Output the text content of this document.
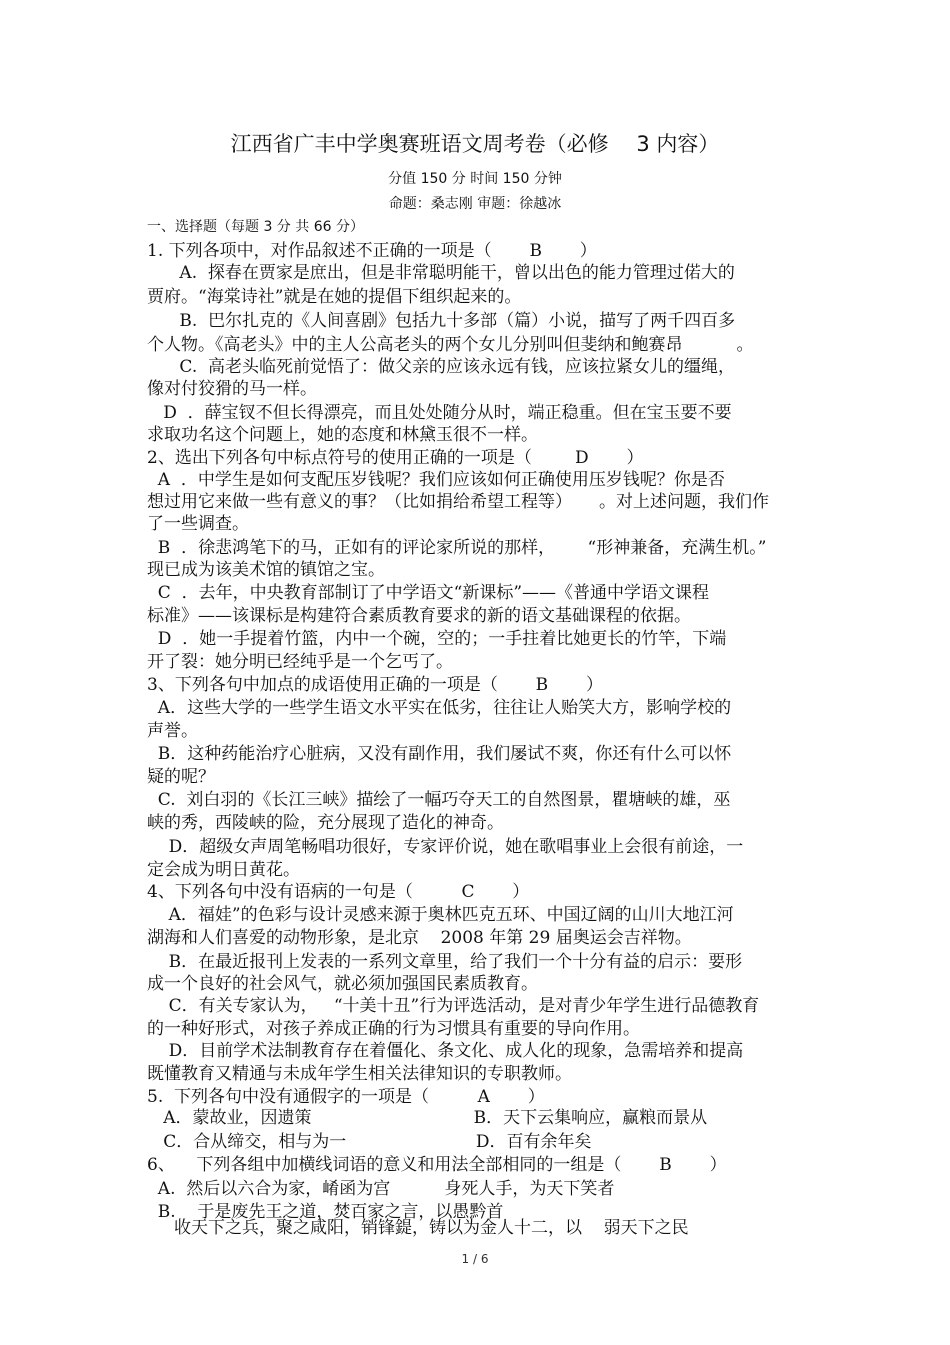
江西省广丰中学奥赛班语文周考卷（必修　 3 内容）
分值 150 分 时间 150 分钟
命题：桑志刚 审题：徐越冰
一、选择题（每题 3 分 共 66 分）
1. 下列各项中，对作品叙述不正确的一项是（       B       ）
A.  探春在贾家是庶出，但是非常聪明能干，曾以出色的能力管理过偌大的
贾府。“海棠诗社”就是在她的提倡下组织起来的。
B.  巴尔扎克的《人间喜剧》包括九十多部（篇）小说，描写了两千四百多
个人物。《高老头》中的主人公高老头的两个女儿分别叫但斐纳和鲍赛昂          。
C.  高老头临死前觉悟了：做父亲的应该永远有钱，应该拉紧女儿的缰绳，
像对付狡猾的马一样。
D  ．薛宝钗不但长得漂亮，而且处处随分从时，端正稳重。但在宝玉要不要
求取功名这个问题上，她的态度和林黛玉很不一样。
2、选出下列各句中标点符号的使用正确的一项是（        D       ）
A  ．中学生是如何支配压岁钱呢？我们应该如何正确使用压岁钱呢？你是否
想过用它来做一些有意义的事？（比如捐给希望工程等）     。对上述问题，我们作
了一些调查。
B  ．徐悲鸿笔下的马，正如有的评论家所说的那样，      “形神兼备，充满生机。”
现已成为该美术馆的镇馆之宝。
C  ．去年，中央教育部制订了中学语文“新课标”——《普通中学语文课程
标准》——该课标是构建符合素质教育要求的新的语文基础课程的依据。
D  ．她一手提着竹篮，内中一个碗，空的；一手拄着比她更长的竹竿，下端
开了裂：她分明已经纯乎是一个乞丐了。
3、下列各句中加点的成语使用正确的一项是（       B       ）
A．这些大学的一些学生语文水平实在低劣，往往让人贻笑大方，影响学校的
声誉。
B．这种药能治疗心脏病，又没有副作用，我们屡试不爽，你还有什么可以怀
疑的呢？
C.  刘白羽的《长江三峡》描绘了一幅巧夺天工的自然图景，瞿塘峡的雄，巫
峡的秀，西陵峡的险，充分展现了造化的神奇。
D．超级女声周笔畅唱功很好，专家评价说，她在歌唱事业上会很有前途，一
定会成为明日黄花。
4、下列各句中没有语病的一句是（         C       ）
A．福娃”的色彩与设计灵感来源于奥林匹克五环、中国辽阔的山川大地江河
湖海和人们喜爱的动物形象，是北京    2008 年第 29 届奥运会吉祥物。
B．在最近报刊上发表的一系列文章里，给了我们一个十分有益的启示：要形
成一个良好的社会风气，就必须加强国民素质教育。
C．有关专家认为，   “十美十丑”行为评选活动，是对青少年学生进行品德教育
的一种好形式，对孩子养成正确的行为习惯具有重要的导向作用。
D．目前学术法制教育存在着僵化、条文化、成人化的现象，急需培养和提高
既懂教育又精通与未成年学生相关法律知识的专职教师。
5.  下列各句中没有通假字的一项是（         A       ）
A．蒙故业，因遗策                              B．天下云集响应，赢粮而景从
C．合从缔交，相与为一                        D．百有余年矣
6、    下列各组中加横线词语的意义和用法全部相同的一组是（       B       ）
A.  然后以六合为家，崤函为宫          身死人手，为天下笑者
B.    于是废先王之道，焚百家之言，以愚黔首
收天下之兵，聚之咸阳，销锋鍉，铸以为金人十二，以    弱天下之民
1 / 6
